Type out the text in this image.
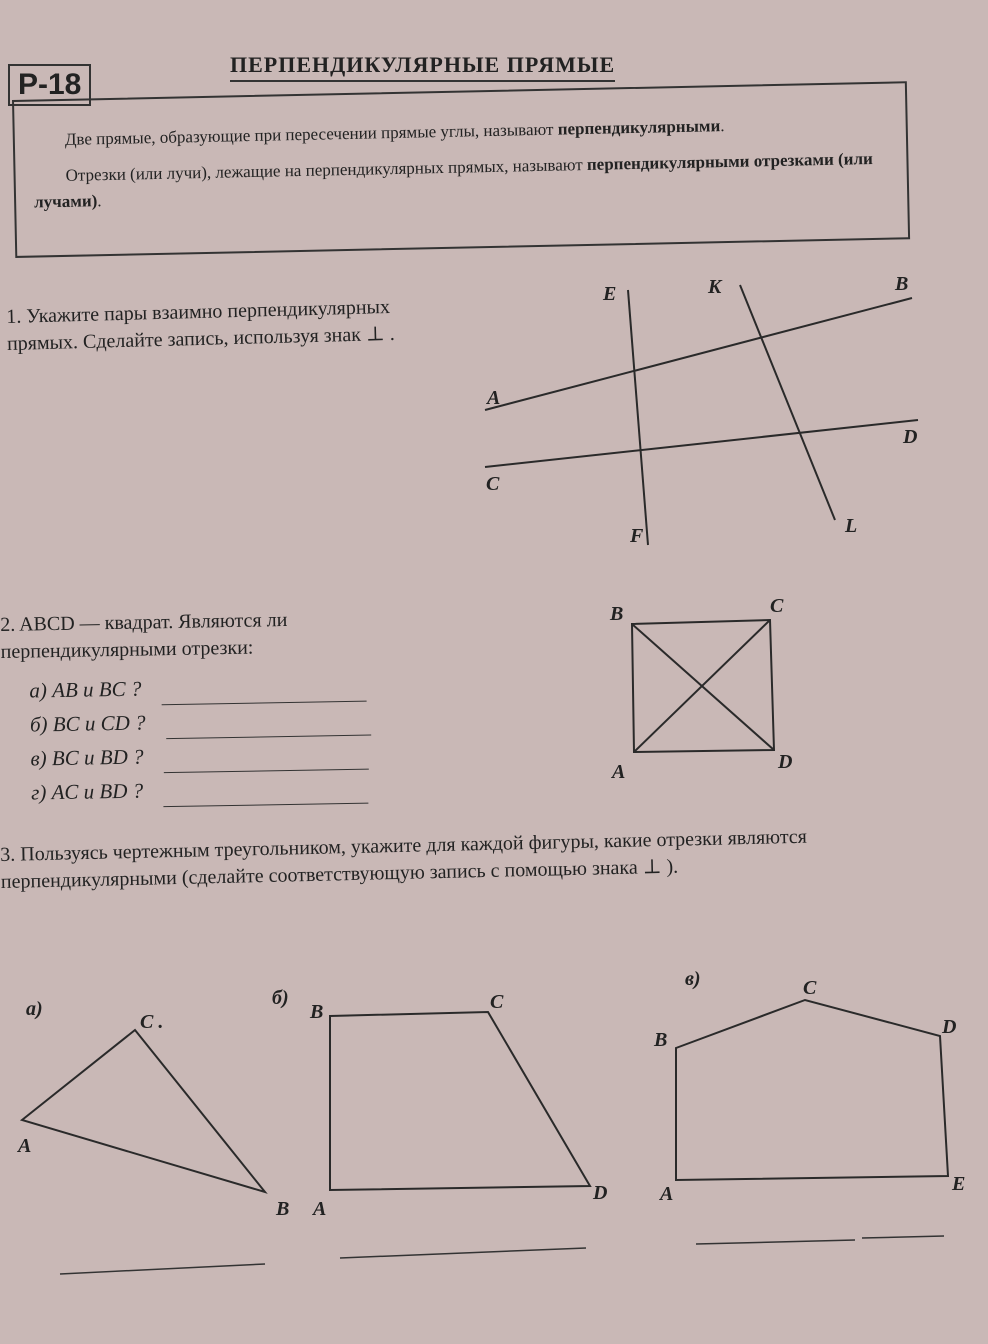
Р-18
ПЕРПЕНДИКУЛЯРНЫЕ ПРЯМЫЕ

Две прямые, образующие при пересечении прямые углы, называют перпендикулярными.

Отрезки (или лучи), лежащие на перпендикулярных прямых, называют перпендикулярными отрезками (или лучами).

1. Укажите пары взаимно перпендикулярных прямых. Сделайте запись, используя знак ⊥ .
2. ABCD — квадрат. Являются ли перпендикулярными отрезки:
а)
AB и BC ?
б)
BC и CD ?
в)
BC и BD ?
г)
AC и BD ?
3. Пользуясь чертежным треугольником, укажите для каждой фигуры, какие отрезки являются перпендикулярными (сделайте соответствующую запись с помощью знака ⊥ ).
E	K	B
A
D
C
F	L
B	C
A	D
а)
A
C .
B
б)
B	C
A
D
в)
B
C
D
A	E
